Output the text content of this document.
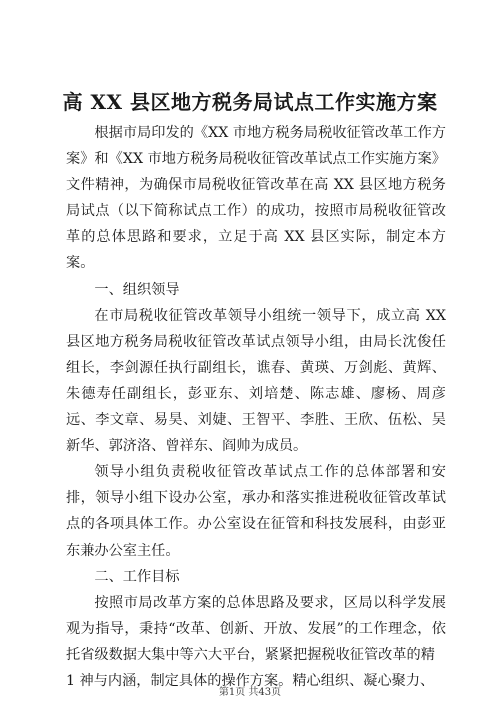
高 XX 县区地方税务局试点工作实施方案

根据市局印发的《XX 市地方税务局税收征管改革工作方案》和《XX 市地方税务局税收征管改革试点工作实施方案》文件精神，为确保市局税收征管改革在高 XX 县区地方税务局试点（以下简称试点工作）的成功，按照市局税收征管改革的总体思路和要求，立足于高 XX 县区实际，制定本方案。

一、组织领导

在市局税收征管改革领导小组统一领导下，成立高 XX 县区地方税务局税收征管改革试点领导小组，由局长沈俊任组长，李剑源任执行副组长，谯春、黄瑛、万剑彪、黄辉、朱德寿任副组长，彭亚东、刘培楚、陈志雄、廖杨、周彦远、李文章、易昊、刘婕、王智平、李胜、王欣、伍松、吴新华、郭济洛、曾祥东、阎帅为成员。

领导小组负责税收征管改革试点工作的总体部署和安排，领导小组下设办公室，承办和落实推进税收征管改革试点的各项具体工作。办公室设在征管和科技发展科，由彭亚东兼办公室主任。

二、工作目标

按照市局改革方案的总体思路及要求，区局以科学发展观为指导，秉持“改革、创新、开放、发展”的工作理念，依托省级数据大集中等六大平台，紧紧把握税收征管改革的精

1 神与内涵，制定具体的操作方案。精心组织、凝心聚力、

第1页 共43页
